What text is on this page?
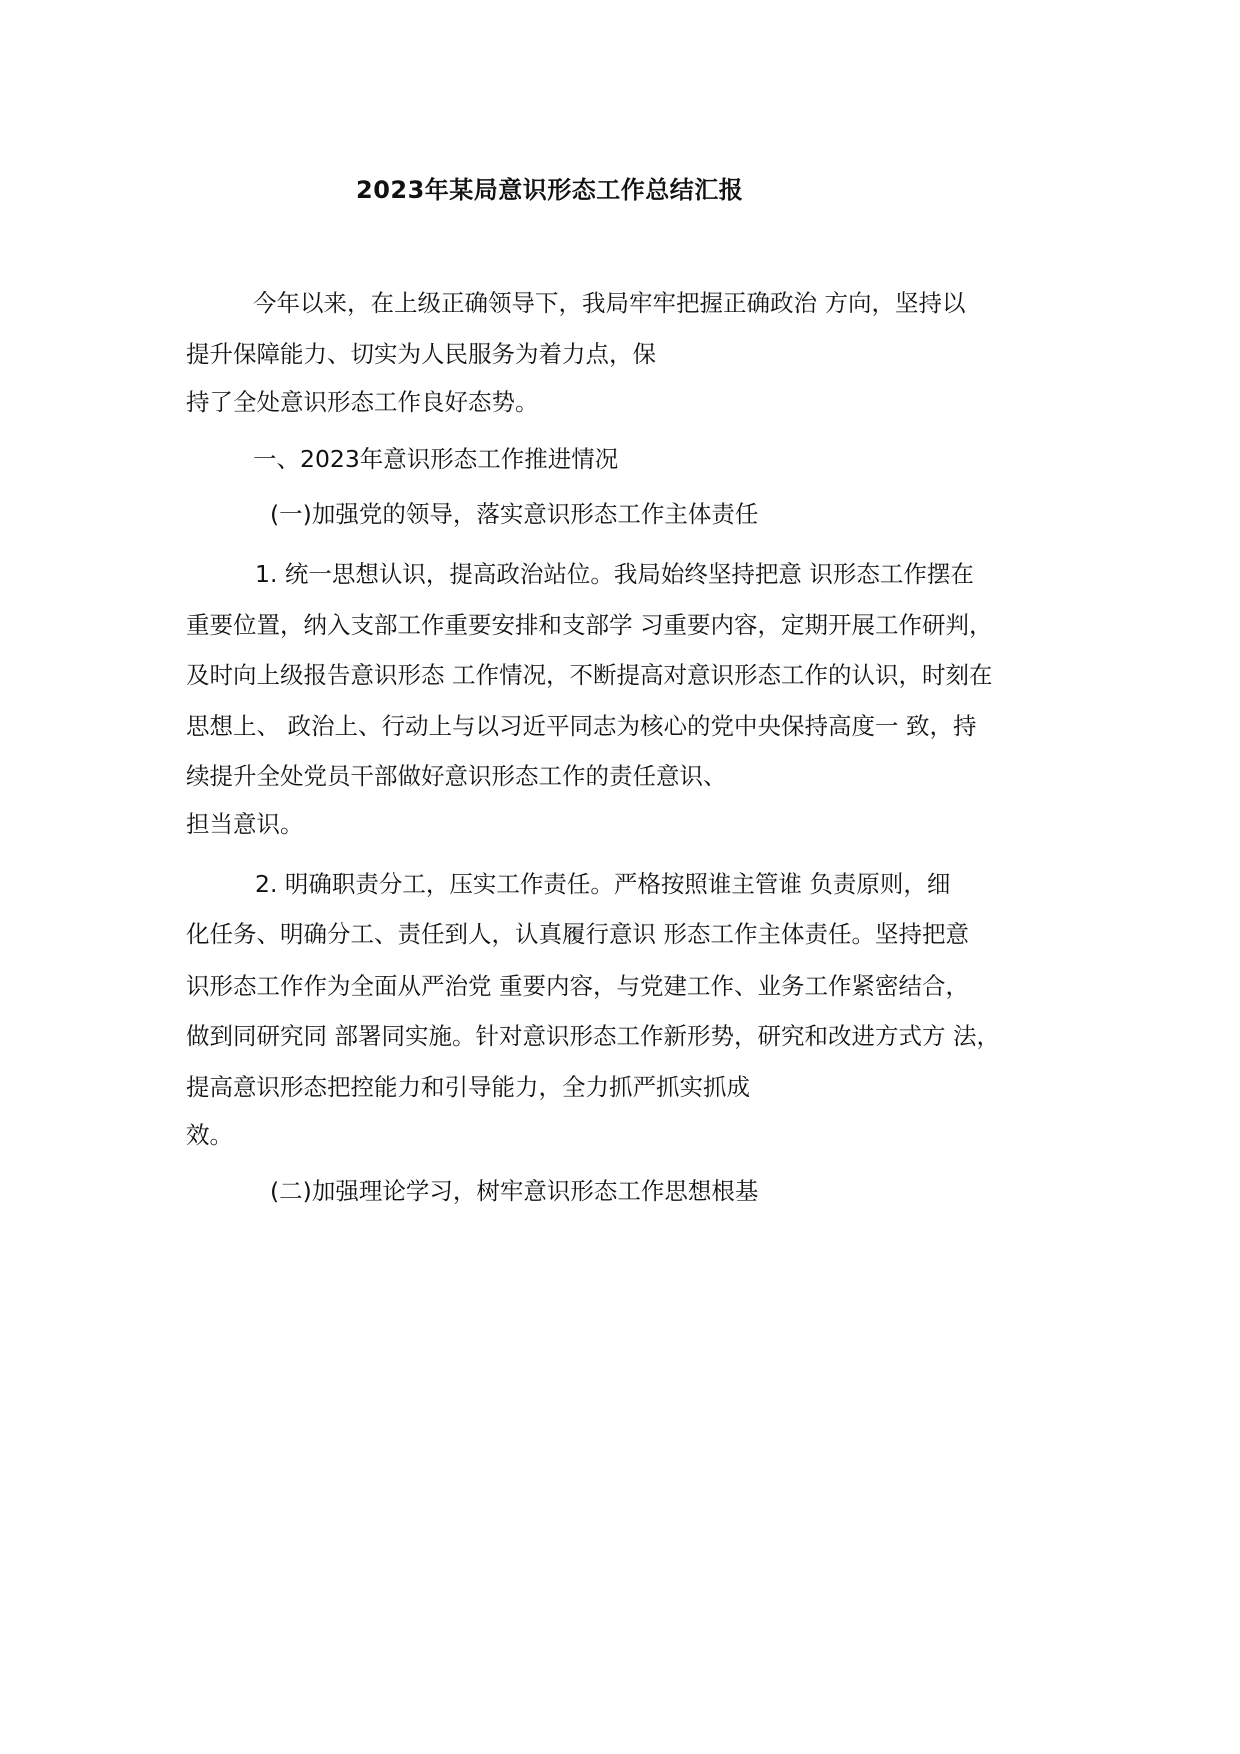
2023年某局意识形态工作总结汇报
今年以来，在上级正确领导下，我局牢牢把握正确政治 方向，坚持以
提升保障能力、切实为人民服务为着力点，保
持了全处意识形态工作良好态势。
一、2023年意识形态工作推进情况
(一)加强党的领导，落实意识形态工作主体责任
1. 统一思想认识，提高政治站位。我局始终坚持把意 识形态工作摆在
重要位置，纳入支部工作重要安排和支部学 习重要内容，定期开展工作研判，
及时向上级报告意识形态 工作情况，不断提高对意识形态工作的认识，时刻在
思想上、 政治上、行动上与以习近平同志为核心的党中央保持高度一 致，持
续提升全处党员干部做好意识形态工作的责任意识、
担当意识。
2. 明确职责分工，压实工作责任。严格按照谁主管谁 负责原则，细
化任务、明确分工、责任到人，认真履行意识 形态工作主体责任。坚持把意
识形态工作作为全面从严治党 重要内容，与党建工作、业务工作紧密结合，
做到同研究同 部署同实施。针对意识形态工作新形势，研究和改进方式方 法，
提高意识形态把控能力和引导能力，全力抓严抓实抓成
效。
(二)加强理论学习，树牢意识形态工作思想根基
